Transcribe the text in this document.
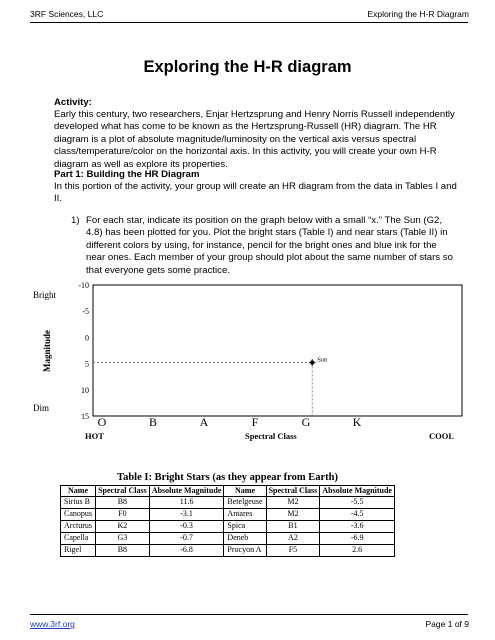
3RF Sciences, LLC	Exploring the H-R Diagram
Exploring the H-R diagram
Activity:
Early this century, two researchers, Enjar Hertzsprung and Henry Norris Russell independently developed what has come to be known as the Hertzsprung-Russell (HR) diagram. The HR diagram is a plot of absolute magnitude/luminosity on the vertical axis versus spectral class/temperature/color on the horizontal axis. In this activity, you will create your own H-R diagram as well as explore its properties.
Part 1: Building the HR Diagram
In this portion of the activity, your group will create an HR diagram from the data in Tables I and II.
1) For each star, indicate its position on the graph below with a small “x.” The Sun (G2, 4.8) has been plotted for you. Plot the bright stars (Table I) and near stars (Table II) in different colors by using, for instance, pencil for the bright ones and blue ink for the near ones. Each member of your group should plot about the same number of stars so that everyone gets some practice.
Bright
Dim
Magnitude
HOT	Spectral Class	COOL
-10
-5
0
5
10
15 O	B	A	F	G	K
Sun
Table I: Bright Stars (as they appear from Earth)
Name	Spectral Class	Absolute Magnitude	Name	Spectral Class	Absolute Magnitude
Sirius B	B8	11.6	Betelgeuse	M2	-5.5
Canopus	F0	-3.1	Antares	M2	-4.5
Arcturus	K2	-0.3	Spica	B1	-3.6
Capella	G3	-0.7	Deneb	A2	-6.9
Rigel	B8	-6.8	Procyon A	F5	2.6
www.3rf.org	Page 1 of 9
